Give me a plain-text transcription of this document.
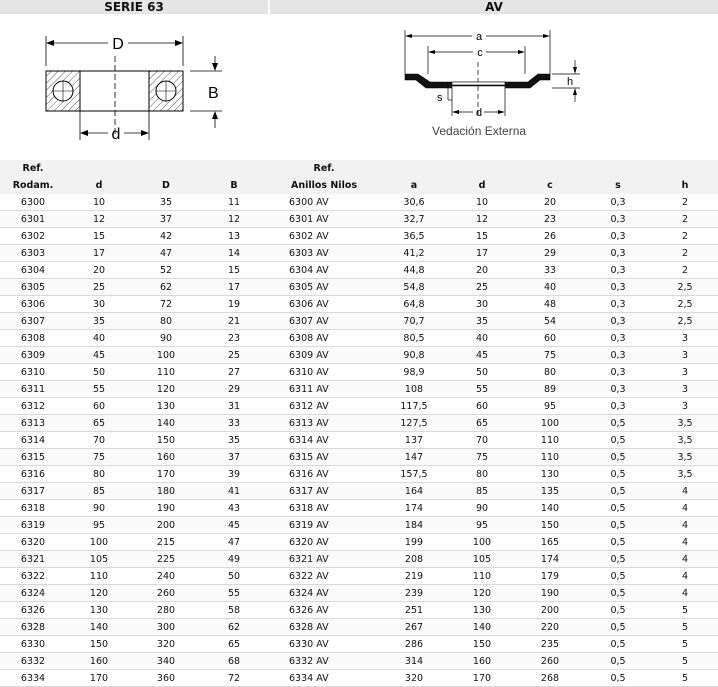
SERIE 63	AV
D
B
d
a
c
h
s
d
Vedación Externa
Ref.				Ref.					
Rodam.	d	D	B	Anillos Nilos	a	d	c	s	h
6300	10	35	11	6300 AV	30,6	10	20	0,3	2
6301	12	37	12	6301 AV	32,7	12	23	0,3	2
6302	15	42	13	6302 AV	36,5	15	26	0,3	2
6303	17	47	14	6303 AV	41,2	17	29	0,3	2
6304	20	52	15	6304 AV	44,8	20	33	0,3	2
6305	25	62	17	6305 AV	54,8	25	40	0,3	2,5
6306	30	72	19	6306 AV	64,8	30	48	0,3	2,5
6307	35	80	21	6307 AV	70,7	35	54	0,3	2,5
6308	40	90	23	6308 AV	80,5	40	60	0,3	3
6309	45	100	25	6309 AV	90,8	45	75	0,3	3
6310	50	110	27	6310 AV	98,9	50	80	0,3	3
6311	55	120	29	6311 AV	108	55	89	0,3	3
6312	60	130	31	6312 AV	117,5	60	95	0,3	3
6313	65	140	33	6313 AV	127,5	65	100	0,5	3,5
6314	70	150	35	6314 AV	137	70	110	0,5	3,5
6315	75	160	37	6315 AV	147	75	110	0,5	3,5
6316	80	170	39	6316 AV	157,5	80	130	0,5	3,5
6317	85	180	41	6317 AV	164	85	135	0,5	4
6318	90	190	43	6318 AV	174	90	140	0,5	4
6319	95	200	45	6319 AV	184	95	150	0,5	4
6320	100	215	47	6320 AV	199	100	165	0,5	4
6321	105	225	49	6321 AV	208	105	174	0,5	4
6322	110	240	50	6322 AV	219	110	179	0,5	4
6324	120	260	55	6324 AV	239	120	190	0,5	4
6326	130	280	58	6326 AV	251	130	200	0,5	5
6328	140	300	62	6328 AV	267	140	220	0,5	5
6330	150	320	65	6330 AV	286	150	235	0,5	5
6332	160	340	68	6332 AV	314	160	260	0,5	5
6334	170	360	72	6334 AV	320	170	268	0,5	5
